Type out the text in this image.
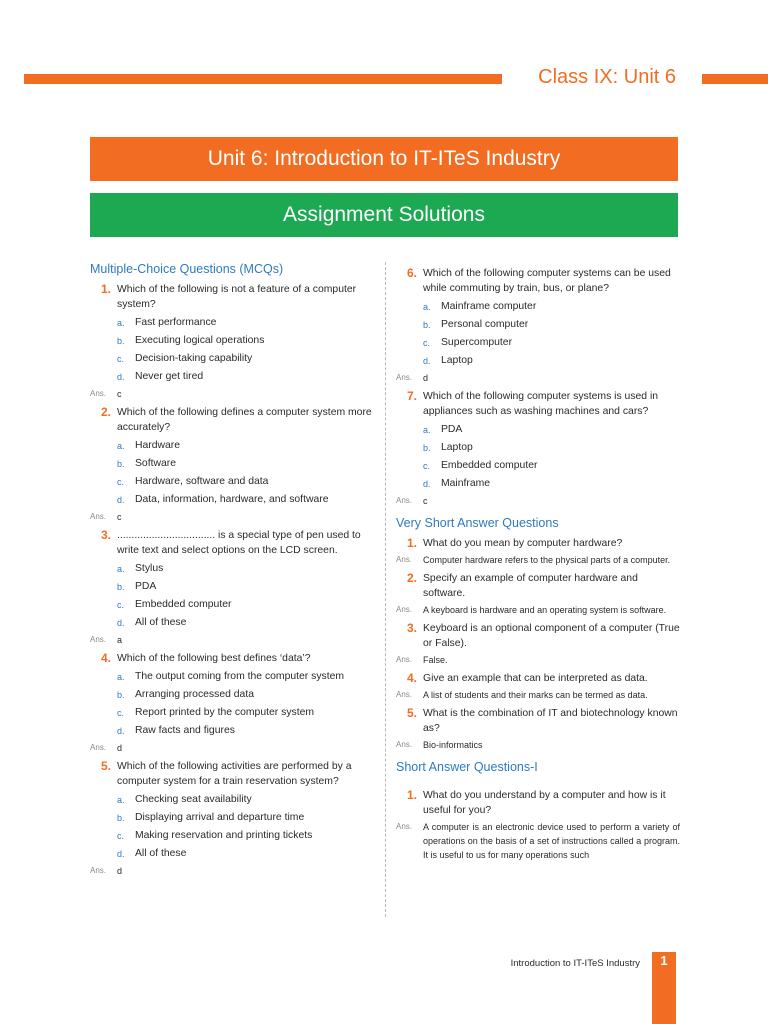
Class IX: Unit 6
Unit 6: Introduction to IT-ITeS Industry
Assignment Solutions
Multiple-Choice Questions (MCQs)
1. Which of the following is not a feature of a computer system?
a.	Fast performance
b.	Executing logical operations
c.	Decision-taking capability
d.	Never get tired
Ans.	c
2. Which of the following defines a computer system more accurately?
a.	Hardware
b.	Software
c.	Hardware, software and data
d.	Data, information, hardware, and software
Ans.	c
3. .................................. is a special type of pen used to write text and select options on the LCD screen.
a.	Stylus
b.	PDA
c.	Embedded computer
d.	All of these
Ans.	a
4. Which of the following best defines ‘data’?
a.	The output coming from the computer system
b.	Arranging processed data
c.	Report printed by the computer system
d.	Raw facts and figures
Ans.	d
5. Which of the following activities are performed by a computer system for a train reservation system?
a.	Checking seat availability
b.	Displaying arrival and departure time
c.	Making reservation and printing tickets
d.	All of these
Ans.	d
6. Which of the following computer systems can be used while commuting by train, bus, or plane?
a.	Mainframe computer
b.	Personal computer
c.	Supercomputer
d.	Laptop
Ans.	d
7. Which of the following computer systems is used in appliances such as washing machines and cars?
a.	PDA
b.	Laptop
c.	Embedded computer
d.	Mainframe
Ans.	c
Very Short Answer Questions
1. What do you mean by computer hardware?
Ans.	Computer hardware refers to the physical parts of a computer.
2. Specify an example of computer hardware and software.
Ans.	A keyboard is hardware and an operating system is software.
3. Keyboard is an optional component of a computer (True or False).
Ans.	False.
4. Give an example that can be interpreted as data.
Ans.	A list of students and their marks can be termed as data.
5. What is the combination of IT and biotechnology known as?
Ans.	Bio-informatics
Short Answer Questions-I
1. What do you understand by a computer and how is it useful for you?
Ans.	A computer is an electronic device used to perform a variety of operations on the basis of a set of instructions called a program. It is useful to us for many operations such
Introduction to IT-ITeS Industry	1
